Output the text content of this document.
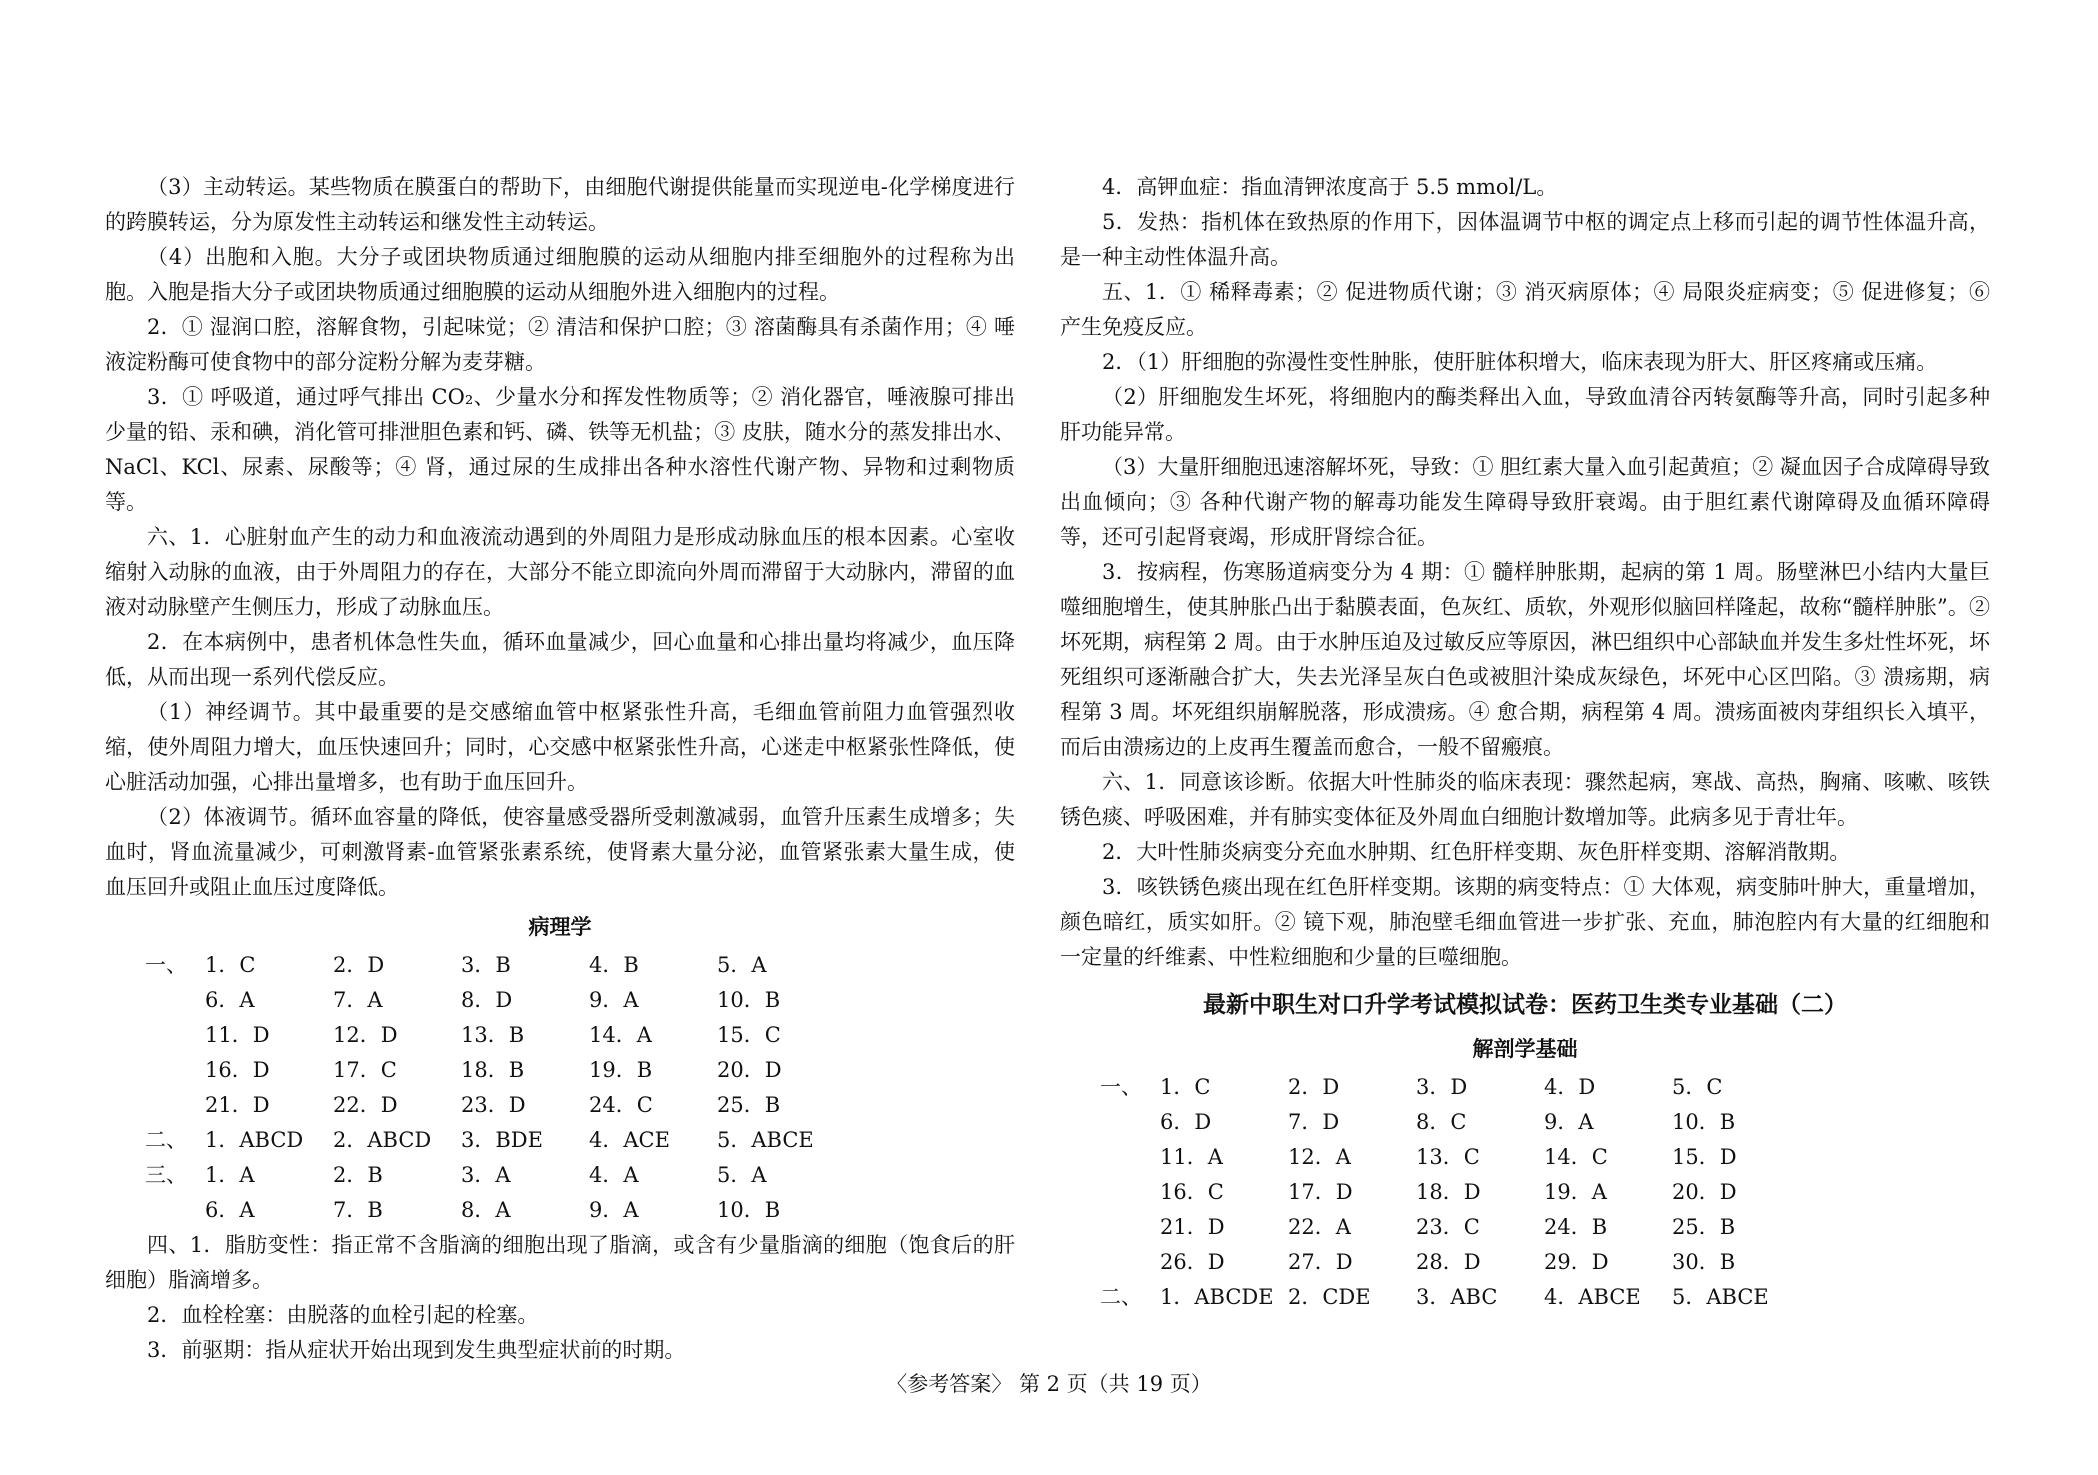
（3）主动转运。某些物质在膜蛋白的帮助下，由细胞代谢提供能量而实现逆电-化学梯度进行的跨膜转运，分为原发性主动转运和继发性主动转运。

（4）出胞和入胞。大分子或团块物质通过细胞膜的运动从细胞内排至细胞外的过程称为出胞。入胞是指大分子或团块物质通过细胞膜的运动从细胞外进入细胞内的过程。

2．① 湿润口腔，溶解食物，引起味觉；② 清洁和保护口腔；③ 溶菌酶具有杀菌作用；④ 唾液淀粉酶可使食物中的部分淀粉分解为麦芽糖。

3．① 呼吸道，通过呼气排出 CO₂、少量水分和挥发性物质等；② 消化器官，唾液腺可排出少量的铅、汞和碘，消化管可排泄胆色素和钙、磷、铁等无机盐；③ 皮肤，随水分的蒸发排出水、NaCl、KCl、尿素、尿酸等；④ 肾，通过尿的生成排出各种水溶性代谢产物、异物和过剩物质等。

六、1．心脏射血产生的动力和血液流动遇到的外周阻力是形成动脉血压的根本因素。心室收缩射入动脉的血液，由于外周阻力的存在，大部分不能立即流向外周而滞留于大动脉内，滞留的血液对动脉壁产生侧压力，形成了动脉血压。

2．在本病例中，患者机体急性失血，循环血量减少，回心血量和心排出量均将减少，血压降低，从而出现一系列代偿反应。

（1）神经调节。其中最重要的是交感缩血管中枢紧张性升高，毛细血管前阻力血管强烈收缩，使外周阻力增大，血压快速回升；同时，心交感中枢紧张性升高，心迷走中枢紧张性降低，使心脏活动加强，心排出量增多，也有助于血压回升。

（2）体液调节。循环血容量的降低，使容量感受器所受刺激减弱，血管升压素生成增多；失血时，肾血流量减少，可刺激肾素-血管紧张素系统，使肾素大量分泌，血管紧张素大量生成，使血压回升或阻止血压过度降低。

病理学
一、 1．C	2．D	3．B	4．B	5．A
6．A	7．A	8．D	9．A	10．B
11．D	12．D	13．B	14．A	15．C
16．D	17．C	18．B	19．B	20．D
21．D	22．D	23．D	24．C	25．B
二、 1．ABCD	2．ABCD	3．BDE	4．ACE	5．ABCE
三、 1．A	2．B	3．A	4．A	5．A
6．A	7．B	8．A	9．A	10．B

四、1．脂肪变性：指正常不含脂滴的细胞出现了脂滴，或含有少量脂滴的细胞（饱食后的肝细胞）脂滴增多。

2．血栓栓塞：由脱落的血栓引起的栓塞。

3．前驱期：指从症状开始出现到发生典型症状前的时期。

4．高钾血症：指血清钾浓度高于 5.5 mmol/L。

5．发热：指机体在致热原的作用下，因体温调节中枢的调定点上移而引起的调节性体温升高，是一种主动性体温升高。

五、1．① 稀释毒素；② 促进物质代谢；③ 消灭病原体；④ 局限炎症病变；⑤ 促进修复；⑥ 产生免疫反应。

2．（1）肝细胞的弥漫性变性肿胀，使肝脏体积增大，临床表现为肝大、肝区疼痛或压痛。

（2）肝细胞发生坏死，将细胞内的酶类释出入血，导致血清谷丙转氨酶等升高，同时引起多种肝功能异常。

（3）大量肝细胞迅速溶解坏死，导致：① 胆红素大量入血引起黄疸；② 凝血因子合成障碍导致出血倾向；③ 各种代谢产物的解毒功能发生障碍导致肝衰竭。由于胆红素代谢障碍及血循环障碍等，还可引起肾衰竭，形成肝肾综合征。

3．按病程，伤寒肠道病变分为 4 期：① 髓样肿胀期，起病的第 1 周。肠壁淋巴小结内大量巨噬细胞增生，使其肿胀凸出于黏膜表面，色灰红、质软，外观形似脑回样隆起，故称“髓样肿胀”。② 坏死期，病程第 2 周。由于水肿压迫及过敏反应等原因，淋巴组织中心部缺血并发生多灶性坏死，坏死组织可逐渐融合扩大，失去光泽呈灰白色或被胆汁染成灰绿色，坏死中心区凹陷。③ 溃疡期，病程第 3 周。坏死组织崩解脱落，形成溃疡。④ 愈合期，病程第 4 周。溃疡面被肉芽组织长入填平，而后由溃疡边的上皮再生覆盖而愈合，一般不留瘢痕。

六、1．同意该诊断。依据大叶性肺炎的临床表现：骤然起病，寒战、高热，胸痛、咳嗽、咳铁锈色痰、呼吸困难，并有肺实变体征及外周血白细胞计数增加等。此病多见于青壮年。

2．大叶性肺炎病变分充血水肿期、红色肝样变期、灰色肝样变期、溶解消散期。

3．咳铁锈色痰出现在红色肝样变期。该期的病变特点：① 大体观，病变肺叶肿大，重量增加，颜色暗红，质实如肝。② 镜下观，肺泡壁毛细血管进一步扩张、充血，肺泡腔内有大量的红细胞和一定量的纤维素、中性粒细胞和少量的巨噬细胞。

最新中职生对口升学考试模拟试卷：医药卫生类专业基础（二）
解剖学基础
一、 1．C	2．D	3．D	4．D	5．C
6．D	7．D	8．C	9．A	10．B
11．A	12．A	13．C	14．C	15．D
16．C	17．D	18．D	19．A	20．D
21．D	22．A	23．C	24．B	25．B
26．D	27．D	28．D	29．D	30．B
二、 1．ABCDE 2．CDE	3．ABC	4．ABCE	5．ABCE
〈参考答案〉 第 2 页（共 19 页）
